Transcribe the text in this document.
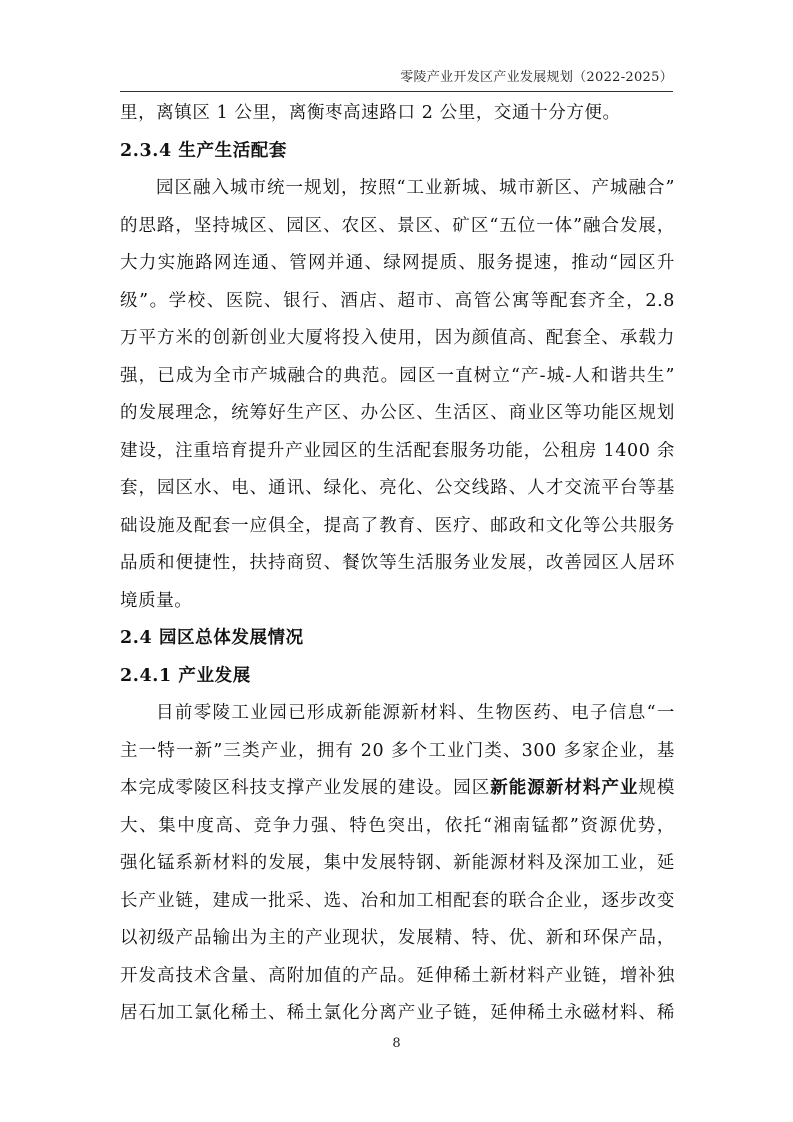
零陵产业开发区产业发展规划（2022-2025）
里，离镇区 1 公里，离衡枣高速路口 2 公里，交通十分方便。
2.3.4 生产生活配套
园区融入城市统一规划，按照“工业新城、城市新区、产城融合”
的思路，坚持城区、园区、农区、景区、矿区“五位一体”融合发展，
大力实施路网连通、管网并通、绿网提质、服务提速，推动“园区升
级”。学校、医院、银行、酒店、超市、高管公寓等配套齐全，2.8
万平方米的创新创业大厦将投入使用，因为颜值高、配套全、承载力
强，已成为全市产城融合的典范。园区一直树立“产-城-人和谐共生”
的发展理念，统筹好生产区、办公区、生活区、商业区等功能区规划
建设，注重培育提升产业园区的生活配套服务功能，公租房 1400 余
套，园区水、电、通讯、绿化、亮化、公交线路、人才交流平台等基
础设施及配套一应俱全，提高了教育、医疗、邮政和文化等公共服务
品质和便捷性，扶持商贸、餐饮等生活服务业发展，改善园区人居环
境质量。
2.4 园区总体发展情况
2.4.1 产业发展
目前零陵工业园已形成新能源新材料、生物医药、电子信息“一
主一特一新”三类产业，拥有 20 多个工业门类、300 多家企业，基
本完成零陵区科技支撑产业发展的建设。园区新能源新材料产业规模
大、集中度高、竞争力强、特色突出，依托“湘南锰都”资源优势，
强化锰系新材料的发展，集中发展特钢、新能源材料及深加工业，延
长产业链，建成一批采、选、冶和加工相配套的联合企业，逐步改变
以初级产品输出为主的产业现状，发展精、特、优、新和环保产品，
开发高技术含量、高附加值的产品。延伸稀土新材料产业链，增补独
居石加工氯化稀土、稀土氯化分离产业子链，延伸稀土永磁材料、稀
8
